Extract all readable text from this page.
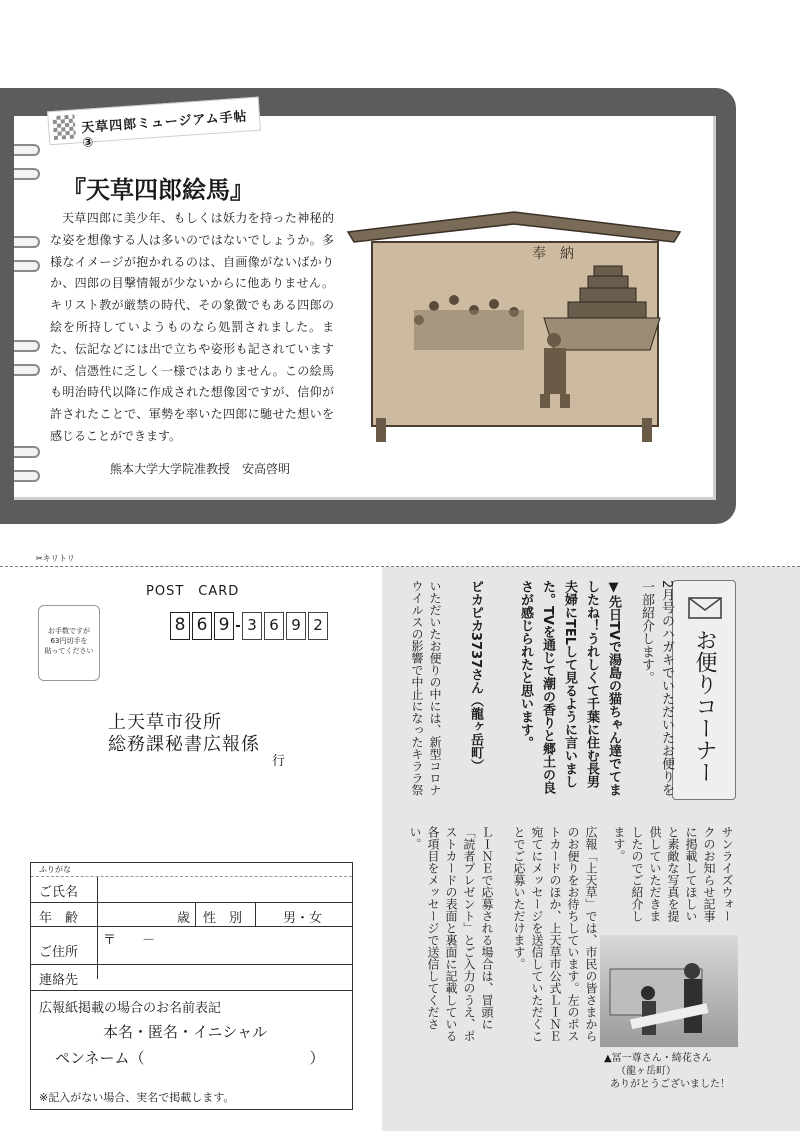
天草四郎ミュージアム手帖③
『天草四郎絵馬』
天草四郎に美少年、もしくは妖力を持った神秘的な姿を想像する人は多いのではないでしょうか。多様なイメージが抱かれるのは、自画像がないばかりか、四郎の目撃情報が少ないからに他ありません。キリスト教が厳禁の時代、その象徴でもある四郎の絵を所持していようものなら処罰されました。また、伝記などには出で立ちや姿形も記されていますが、信憑性に乏しく一様ではありません。この絵馬も明治時代以降に作成された想像図ですが、信仰が許されたことで、軍勢を率いた四郎に馳せた想いを感じることができます。
熊本大学大学院准教授　安高啓明
奉　納
✂キリトリ
POST　CARD
お手数ですが
63円切手を
貼ってください
8 6 9	3 6 9 2
上天草市役所
総務課秘書広報係
行
ふりがな
ご氏名
年　齢	歳 性　別	男・女
ご住所
〒　　－
連絡先
広報紙掲載の場合のお名前表記
本名・匿名・イニシャル
ペンネーム（　　　　　　　　　　　）
※記入がない場合、実名で掲載します。
お便りコーナー
2月号のハガキでいただいたお便りを一部紹介します。
▼先日TVで湯島の猫ちゃん達でてましたね！うれしくて千葉に住む長男夫婦にTELして見るように言いました。TVを通じて潮の香りと郷土の良さが感じられたと思います。
ピカピカ3737さん（龍ヶ岳町）
いただいたお便りの中には、新型コロナウイルスの影響で中止になったキララ祭
サンライズウォークのお知らせ記事に掲載してほしいと素敵な写真を提供していただきましたのでご紹介します。
広報「上天草」では、市民の皆さまからのお便りをお待ちしています。左のポストカードのほか、上天草市公式ＬＩＮＥ宛てにメッセージを送信していただくことでご応募いただけます。
ＬＩＮＥで応募される場合は、冒頭に「読者プレゼント」とご入力のうえ、ポストカードの表面と裏面に記載している各項目をメッセージで送信してください。
▲冨一尊さん・綺花さん
（龍ヶ岳町）
ありがとうございました！
